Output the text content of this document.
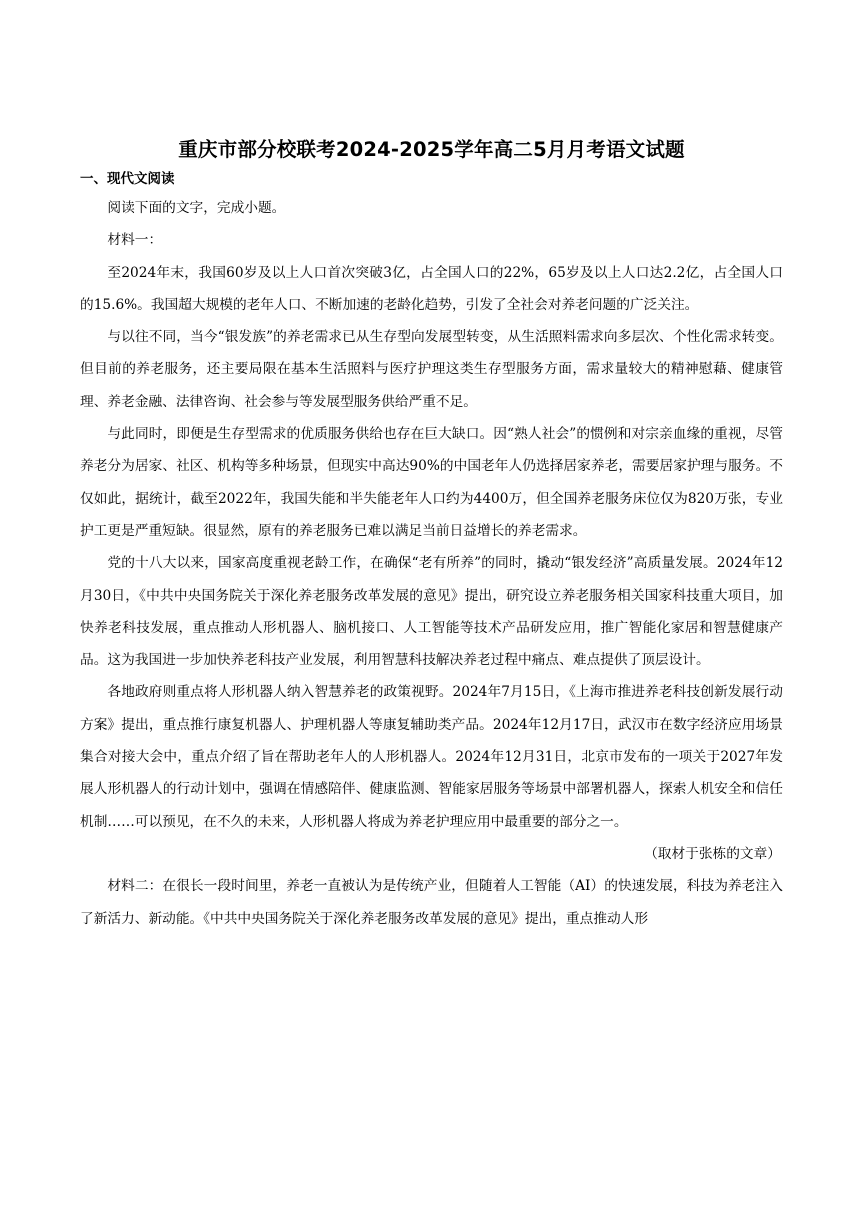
重庆市部分校联考2024-2025学年高二5月月考语文试题

一、现代文阅读

阅读下面的文字，完成小题。

材料一：

至2024年末，我国60岁及以上人口首次突破3亿，占全国人口的22%，65岁及以上人口达2.2亿，占全国人口的15.6%。我国超大规模的老年人口、不断加速的老龄化趋势，引发了全社会对养老问题的广泛关注。

与以往不同，当今“银发族”的养老需求已从生存型向发展型转变，从生活照料需求向多层次、个性化需求转变。但目前的养老服务，还主要局限在基本生活照料与医疗护理这类生存型服务方面，需求量较大的精神慰藉、健康管理、养老金融、法律咨询、社会参与等发展型服务供给严重不足。

与此同时，即便是生存型需求的优质服务供给也存在巨大缺口。因“熟人社会”的惯例和对宗亲血缘的重视，尽管养老分为居家、社区、机构等多种场景，但现实中高达90%的中国老年人仍选择居家养老，需要居家护理与服务。不仅如此，据统计，截至2022年，我国失能和半失能老年人口约为4400万，但全国养老服务床位仅为820万张，专业护工更是严重短缺。很显然，原有的养老服务已难以满足当前日益增长的养老需求。

党的十八大以来，国家高度重视老龄工作，在确保“老有所养”的同时，撬动“银发经济”高质量发展。2024年12月30日，《中共中央国务院关于深化养老服务改革发展的意见》提出，研究设立养老服务相关国家科技重大项目，加快养老科技发展，重点推动人形机器人、脑机接口、人工智能等技术产品研发应用，推广智能化家居和智慧健康产品。这为我国进一步加快养老科技产业发展，利用智慧科技解决养老过程中痛点、难点提供了顶层设计。

各地政府则重点将人形机器人纳入智慧养老的政策视野。2024年7月15日，《上海市推进养老科技创新发展行动方案》提出，重点推行康复机器人、护理机器人等康复辅助类产品。2024年12月17日，武汉市在数字经济应用场景集合对接大会中，重点介绍了旨在帮助老年人的人形机器人。2024年12月31日，北京市发布的一项关于2027年发展人形机器人的行动计划中，强调在情感陪伴、健康监测、智能家居服务等场景中部署机器人，探索人机安全和信任机制……可以预见，在不久的未来，人形机器人将成为养老护理应用中最重要的部分之一。

（取材于张栋的文章）

材料二：在很长一段时间里，养老一直被认为是传统产业，但随着人工智能（AI）的快速发展，科技为养老注入了新活力、新动能。《中共中央国务院关于深化养老服务改革发展的意见》提出，重点推动人形
